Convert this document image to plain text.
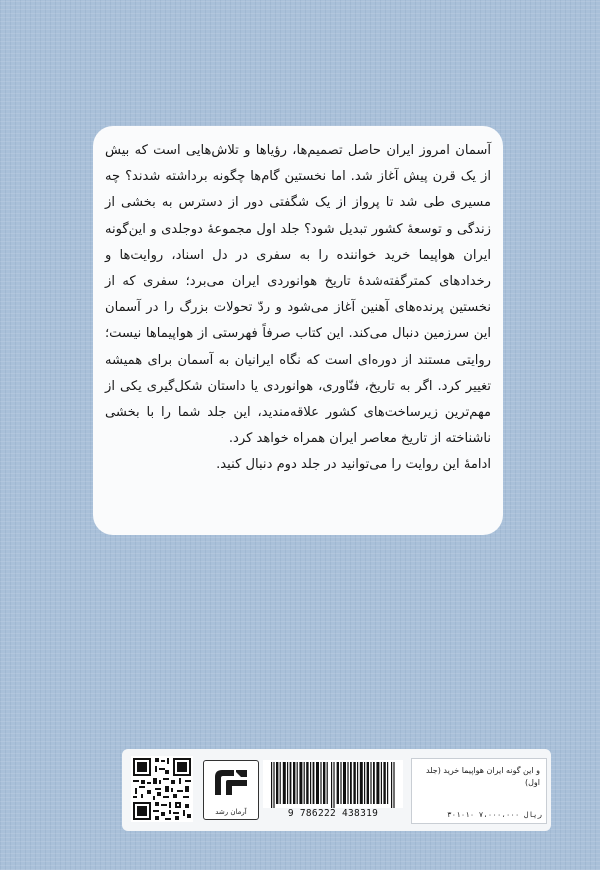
آسمان امروز ایران حاصل تصمیم‌ها، رؤیاها و تلاش‌هایی است که بیش از یک قرن پیش آغاز شد. اما نخستین گام‌ها چگونه برداشته شدند؟ چه مسیری طی شد تا پرواز از یک شگفتی دور از دسترس به بخشی از زندگی و توسعهٔ کشور تبدیل شود؟ جلد اول مجموعهٔ دوجلدی و این‌گونه ایران هواپیما خرید خواننده را به سفری در دل اسناد، روایت‌ها و رخدادهای کمترگفته‌شدهٔ تاریخ هوانوردی ایران می‌برد؛ سفری که از نخستین پرنده‌های آهنین آغاز می‌شود و ردّ تحولات بزرگ را در آسمان این سرزمین دنبال می‌کند. این کتاب صرفاً فهرستی از هواپیماها نیست؛ روایتی مستند از دوره‌ای است که نگاه ایرانیان به آسمان برای همیشه تغییر کرد. اگر به تاریخ، فنّاوری، هوانوردی یا داستان شکل‌گیری یکی از مهم‌ترین زیرساخت‌های کشور علاقه‌مندید، این جلد شما را با بخشی ناشناخته از تاریخ معاصر ایران همراه خواهد کرد.

ادامهٔ این روایت را می‌توانید در جلد دوم دنبال کنید.

آرمان رشد	9 786222 438319
و این گونه ایران هواپیما خرید (جلد اول)
۳۰۱۰۱۰ ۷،۰۰۰،۰۰۰ ریال
